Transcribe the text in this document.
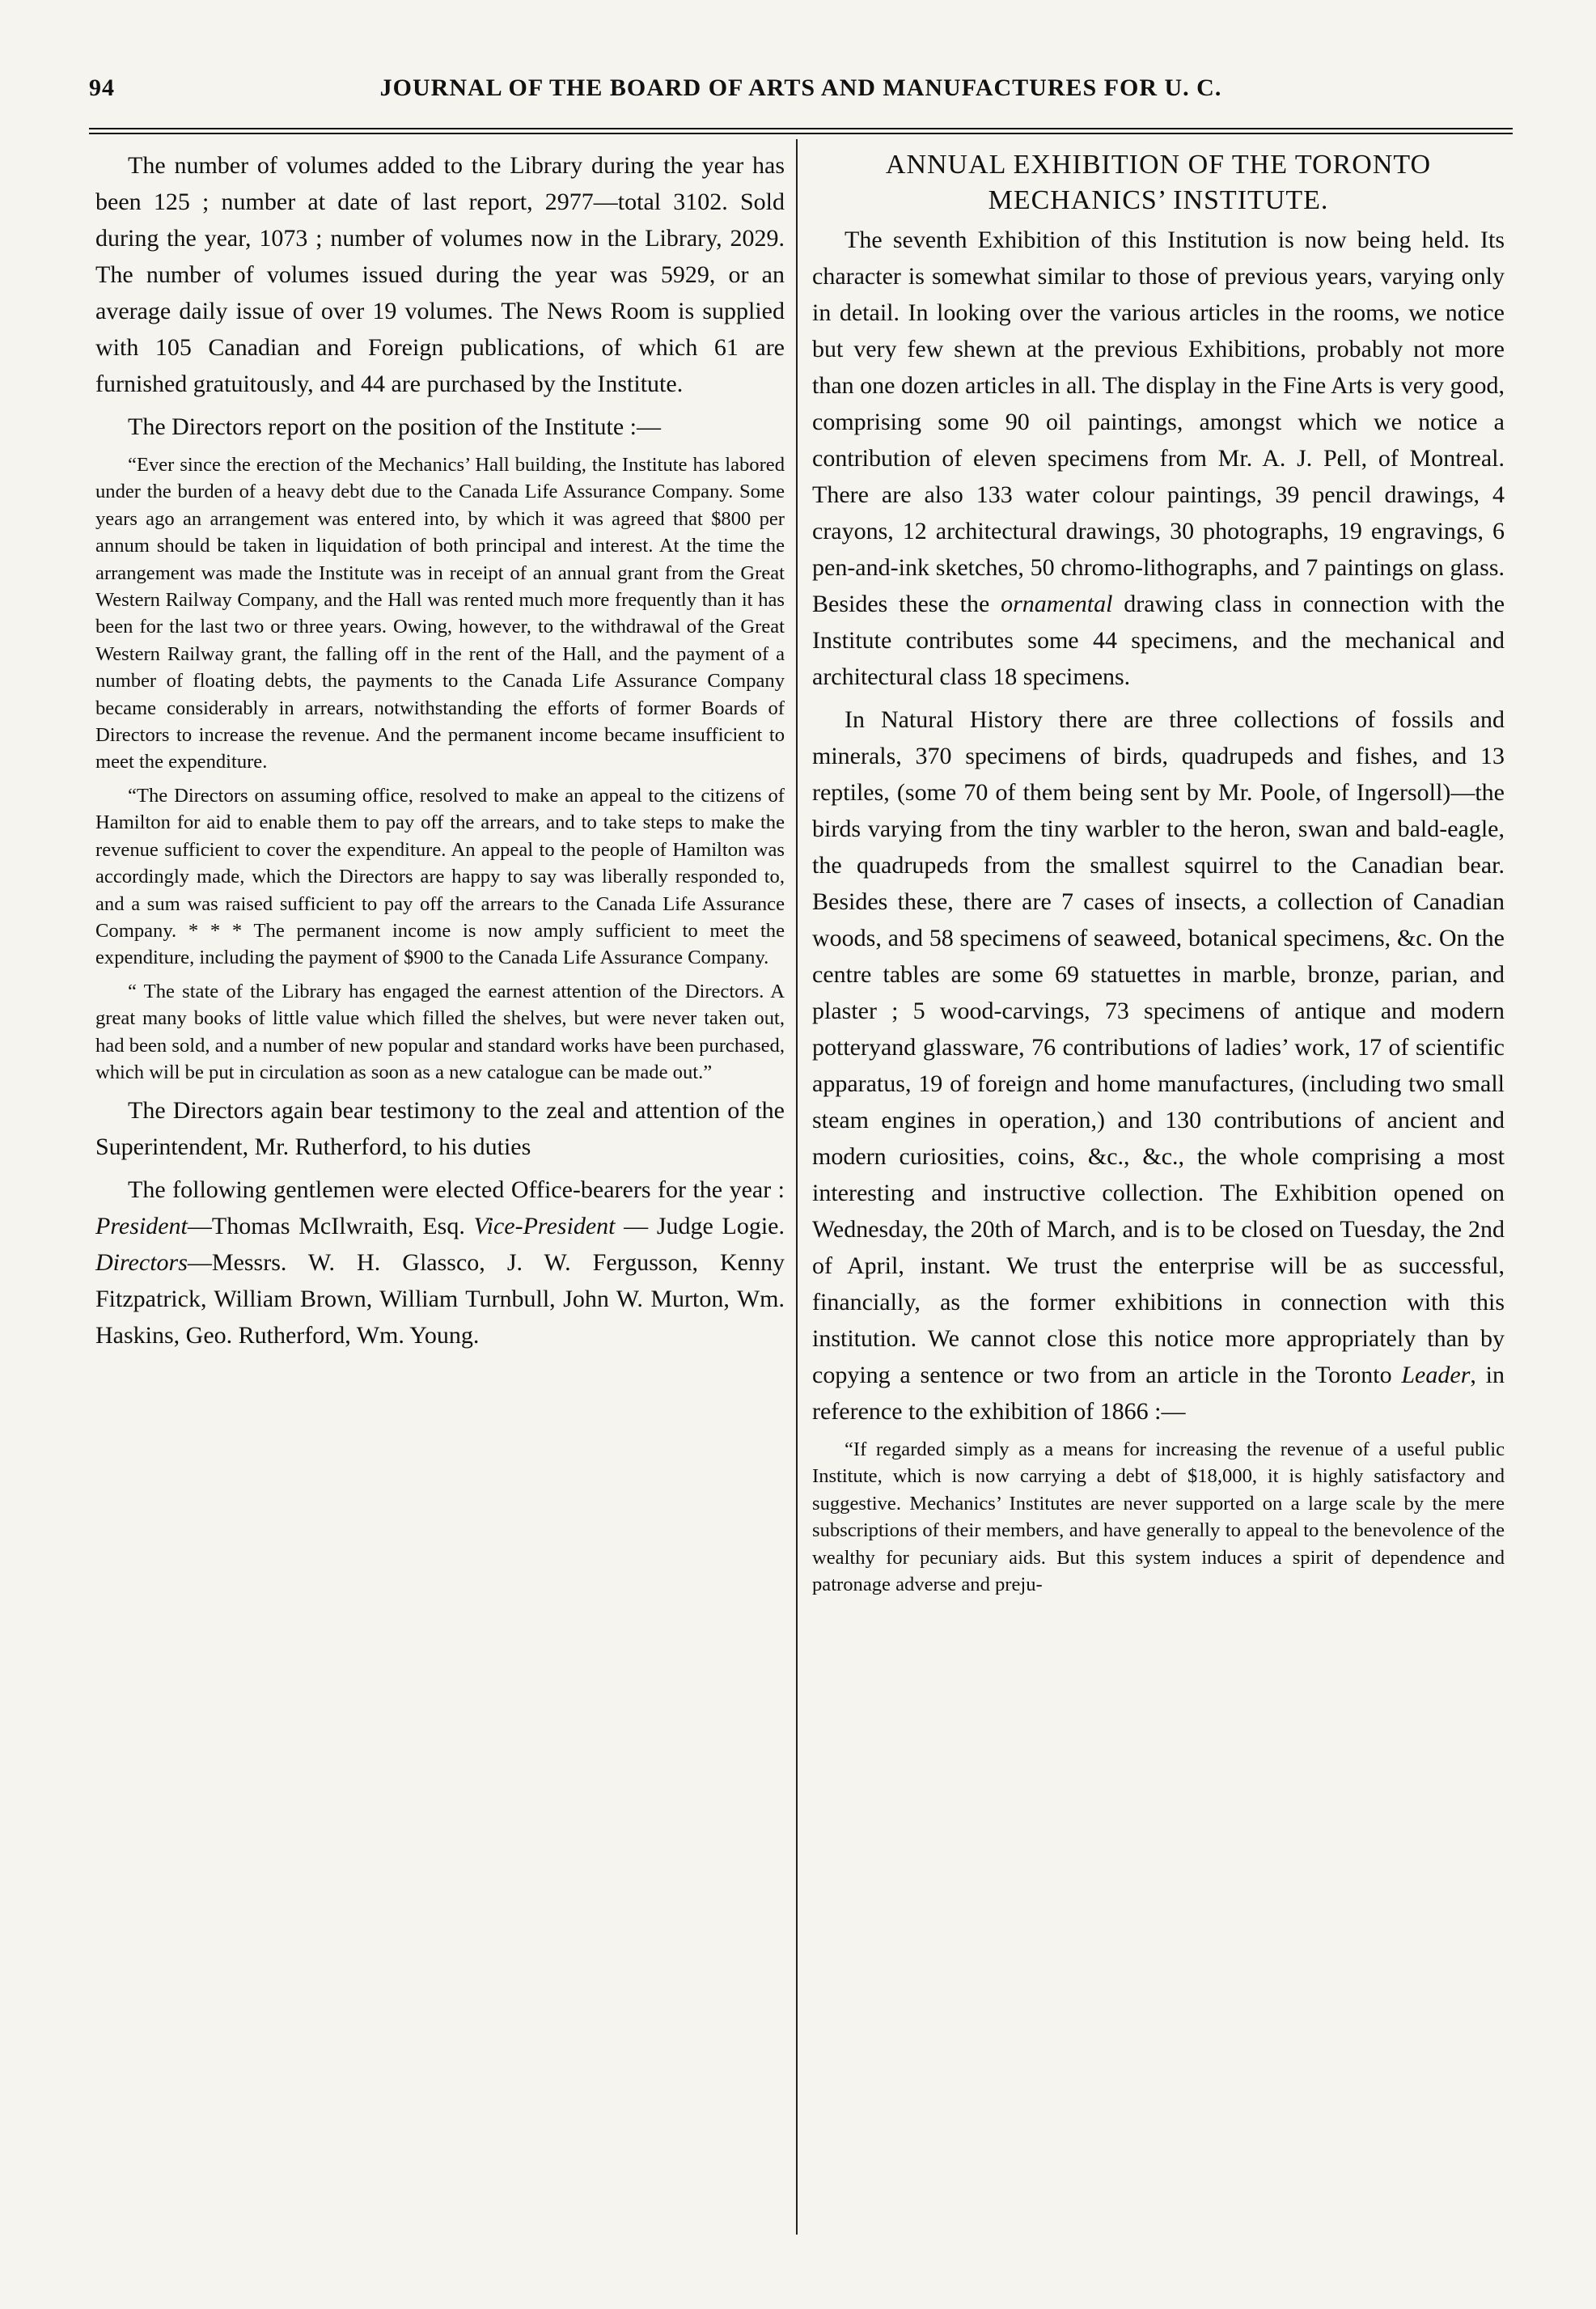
94	JOURNAL OF THE BOARD OF ARTS AND MANUFACTURES FOR U. C.

The number of volumes added to the Library during the year has been 125 ; number at date of last report, 2977—total 3102. Sold during the year, 1073 ; number of volumes now in the Library, 2029. The number of volumes issued during the year was 5929, or an average daily issue of over 19 volumes. The News Room is supplied with 105 Canadian and Foreign publications, of which 61 are furnished gratuitously, and 44 are purchased by the Institute.

The Directors report on the position of the Institute :—

“Ever since the erection of the Mechanics’ Hall building, the Institute has labored under the burden of a heavy debt due to the Canada Life Assurance Company. Some years ago an arrangement was entered into, by which it was agreed that $800 per annum should be taken in liquidation of both principal and interest. At the time the arrangement was made the Institute was in receipt of an annual grant from the Great Western Railway Company, and the Hall was rented much more frequently than it has been for the last two or three years. Owing, however, to the withdrawal of the Great Western Railway grant, the falling off in the rent of the Hall, and the payment of a number of floating debts, the payments to the Canada Life Assurance Company became considerably in arrears, notwithstanding the efforts of former Boards of Directors to increase the revenue. And the permanent income became insufficient to meet the expenditure.

“The Directors on assuming office, resolved to make an appeal to the citizens of Hamilton for aid to enable them to pay off the arrears, and to take steps to make the revenue sufficient to cover the expenditure. An appeal to the people of Hamilton was accordingly made, which the Directors are happy to say was liberally responded to, and a sum was raised sufficient to pay off the arrears to the Canada Life Assurance Company. * * * The permanent income is now amply sufficient to meet the expenditure, including the payment of $900 to the Canada Life Assurance Company.

“ The state of the Library has engaged the earnest attention of the Directors. A great many books of little value which filled the shelves, but were never taken out, had been sold, and a number of new popular and standard works have been purchased, which will be put in circulation as soon as a new catalogue can be made out.”

The Directors again bear testimony to the zeal and attention of the Superintendent, Mr. Rutherford, to his duties

The following gentlemen were elected Office-bearers for the year : President—Thomas McIlwraith, Esq. Vice-President — Judge Logie. Directors—Messrs. W. H. Glassco, J. W. Fergusson, Kenny Fitzpatrick, William Brown, William Turnbull, John W. Murton, Wm. Haskins, Geo. Rutherford, Wm. Young.

ANNUAL EXHIBITION OF THE TORONTO
MECHANICS’ INSTITUTE.

The seventh Exhibition of this Institution is now being held. Its character is somewhat similar to those of previous years, varying only in detail. In looking over the various articles in the rooms, we notice but very few shewn at the previous Exhibitions, probably not more than one dozen articles in all. The display in the Fine Arts is very good, comprising some 90 oil paintings, amongst which we notice a contribution of eleven specimens from Mr. A. J. Pell, of Montreal. There are also 133 water colour paintings, 39 pencil drawings, 4 crayons, 12 architectural drawings, 30 photographs, 19 engravings, 6 pen-and-ink sketches, 50 chromo-lithographs, and 7 paintings on glass. Besides these the ornamental drawing class in connection with the Institute contributes some 44 specimens, and the mechanical and architectural class 18 specimens.

In Natural History there are three collections of fossils and minerals, 370 specimens of birds, quadrupeds and fishes, and 13 reptiles, (some 70 of them being sent by Mr. Poole, of Ingersoll)—the birds varying from the tiny warbler to the heron, swan and bald-eagle, the quadrupeds from the smallest squirrel to the Canadian bear. Besides these, there are 7 cases of insects, a collection of Canadian woods, and 58 specimens of seaweed, botanical specimens, &c. On the centre tables are some 69 statuettes in marble, bronze, parian, and plaster ; 5 wood-carvings, 73 specimens of antique and modern potteryand glassware, 76 contributions of ladies’ work, 17 of scientific apparatus, 19 of foreign and home manufactures, (including two small steam engines in operation,) and 130 contributions of ancient and modern curiosities, coins, &c., &c., the whole comprising a most interesting and instructive collection. The Exhibition opened on Wednesday, the 20th of March, and is to be closed on Tuesday, the 2nd of April, instant. We trust the enterprise will be as successful, financially, as the former exhibitions in connection with this institution. We cannot close this notice more appropriately than by copying a sentence or two from an article in the Toronto Leader, in reference to the exhibition of 1866 :—

“If regarded simply as a means for increasing the revenue of a useful public Institute, which is now carrying a debt of $18,000, it is highly satisfactory and suggestive. Mechanics’ Institutes are never supported on a large scale by the mere subscriptions of their members, and have generally to appeal to the benevolence of the wealthy for pecuniary aids. But this system induces a spirit of dependence and patronage adverse and preju-
